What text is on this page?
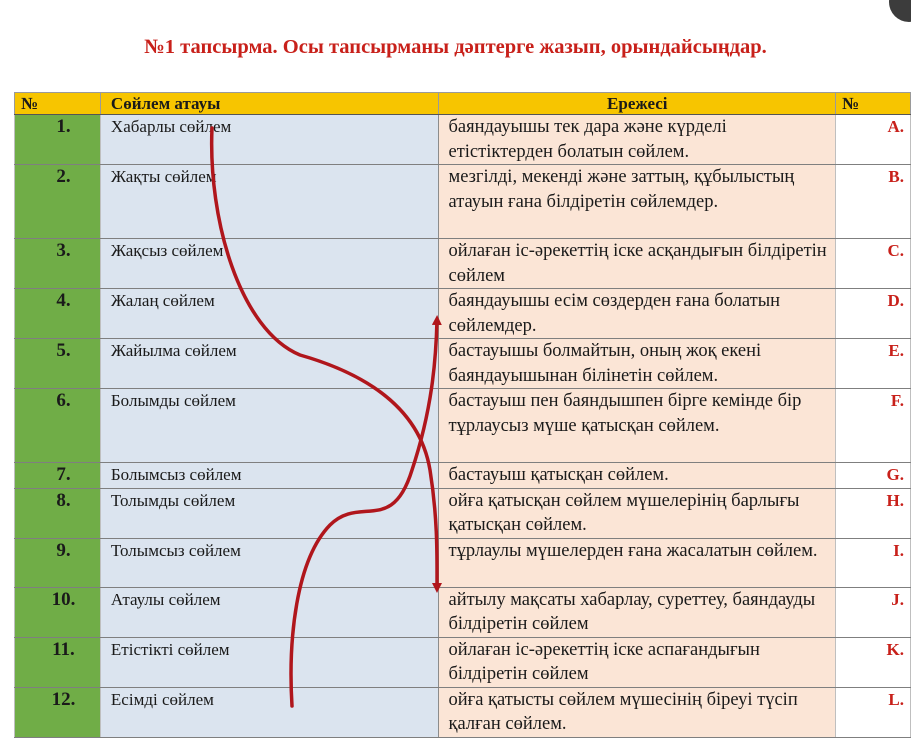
№1 тапсырма. Осы тапсырманы дәптерге жазып, орындайсыңдар.
№	Сөйлем атауы	Ережесі	№
1.	Хабарлы сөйлем	баяндауышы тек дара және күрделі етістіктерден болатын сөйлем.	A.
2.	Жақты сөйлем	мезгілді, мекенді және заттың, құбылыстың атауын ғана білдіретін сөйлемдер.	B.
3.	Жақсыз сөйлем	ойлаған іс-әрекеттің іске асқандығын білдіретін сөйлем	C.
4.	Жалаң сөйлем	баяндауышы есім сөздерден ғана болатын сөйлемдер.	D.
5.	Жайылма сөйлем	бастауышы болмайтын, оның жоқ екені баяндауышынан білінетін сөйлем.	E.
6.	Болымды сөйлем	бастауыш пен баяндышпен бірге кемінде бір тұрлаусыз мүше қатысқан сөйлем.	F.
7.	Болымсыз сөйлем	бастауыш қатысқан сөйлем.	G.
8.	Толымды сөйлем	ойға қатысқан сөйлем мүшелерінің барлығы қатысқан сөйлем.	H.
9.	Толымсыз сөйлем	тұрлаулы мүшелерден ғана жасалатын сөйлем.	I.
10.	Атаулы сөйлем	айтылу мақсаты хабарлау, суреттеу, баяндауды білдіретін сөйлем	J.
11.	Етістікті сөйлем	ойлаған іс-әрекеттің іске аспағандығын білдіретін сөйлем	K.
12.	Есімді сөйлем	ойға қатысты сөйлем мүшесінің біреуі түсіп қалған сөйлем.	L.
